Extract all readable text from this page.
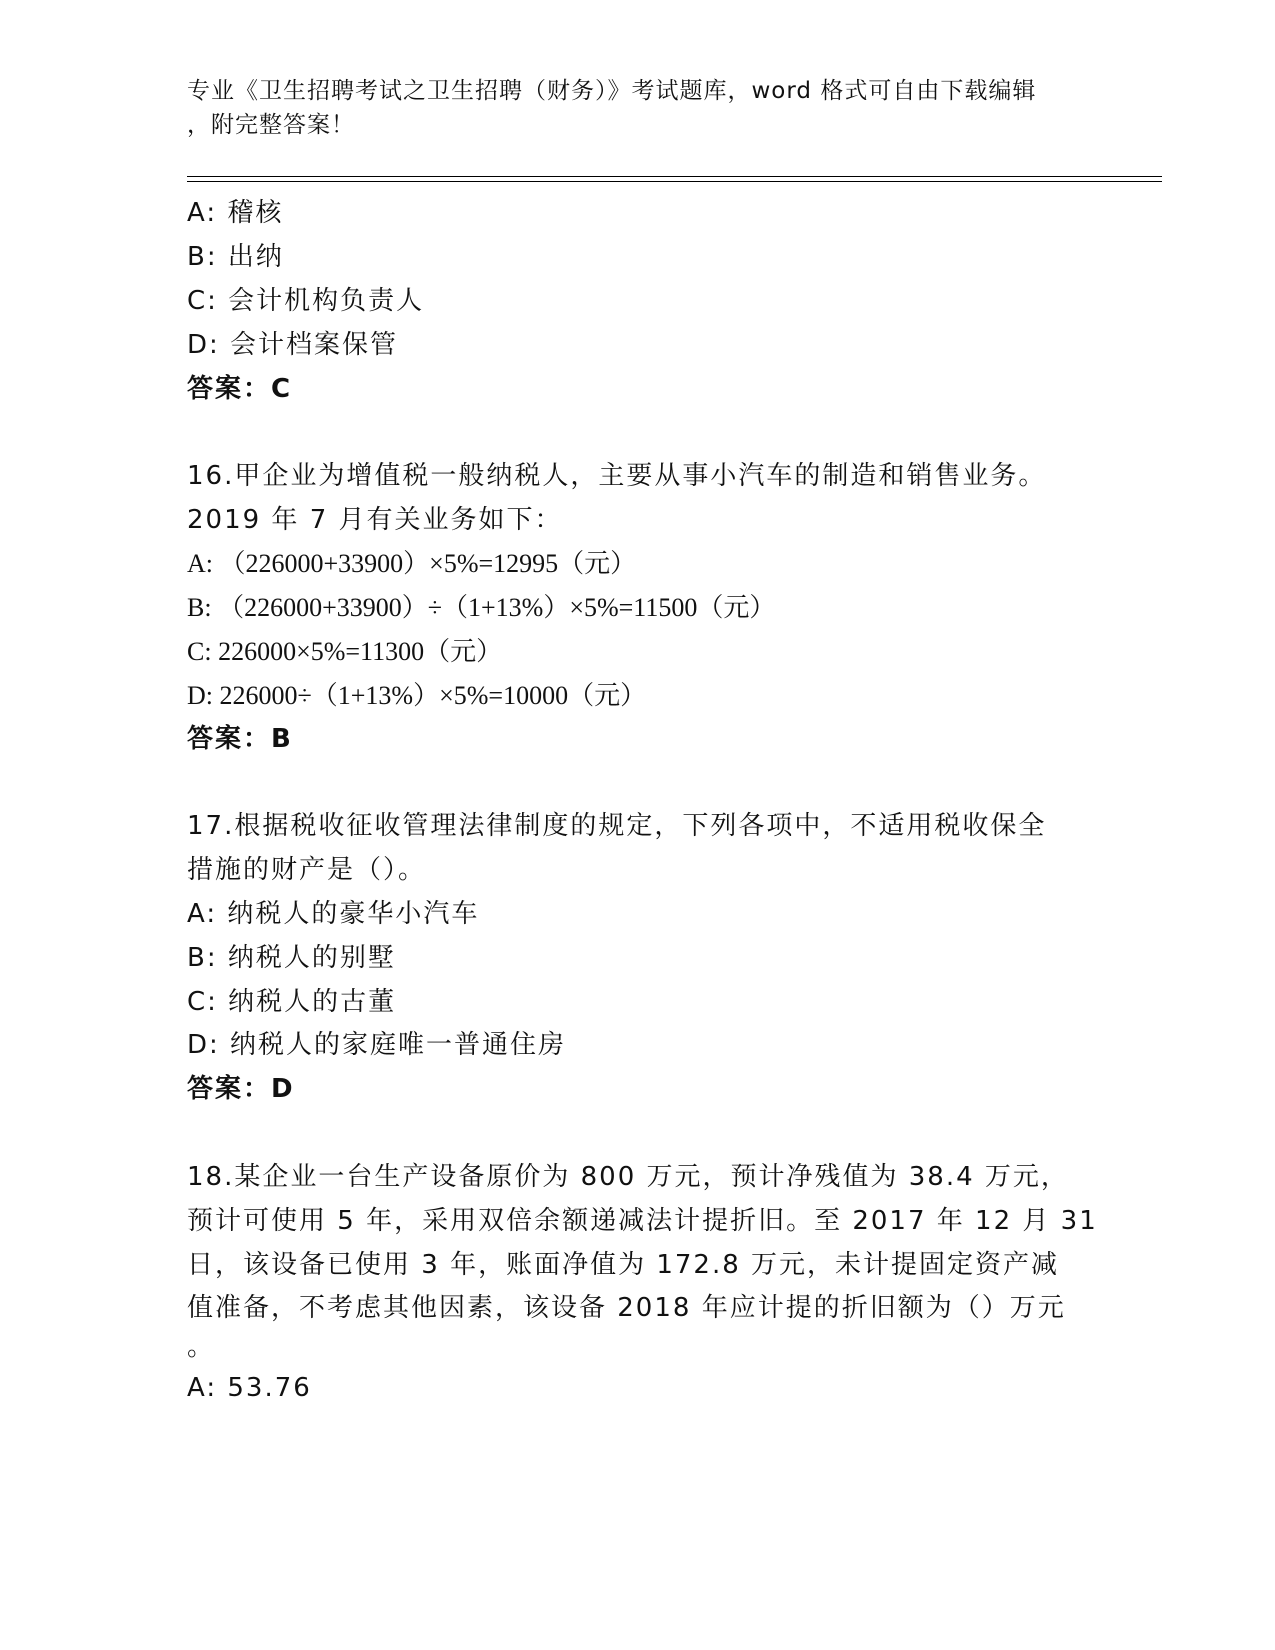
专业《卫生招聘考试之卫生招聘（财务）》考试题库，word 格式可自由下载编辑
，附完整答案！
A: 稽核
B: 出纳
C: 会计机构负责人
D: 会计档案保管
答案：C
16.甲企业为增值税一般纳税人，主要从事小汽车的制造和销售业务。
2019 年 7 月有关业务如下：
A: （226000+33900）×5%=12995（元）
B: （226000+33900）÷（1+13%）×5%=11500（元）
C: 226000×5%=11300（元）
D: 226000÷（1+13%）×5%=10000（元）
答案：B
17.根据税收征收管理法律制度的规定，下列各项中，不适用税收保全
措施的财产是（）。
A: 纳税人的豪华小汽车
B: 纳税人的别墅
C: 纳税人的古董
D: 纳税人的家庭唯一普通住房
答案：D
18.某企业一台生产设备原价为 800 万元，预计净残值为 38.4 万元，
预计可使用 5 年，采用双倍余额递减法计提折旧。至 2017 年 12 月 31
日，该设备已使用 3 年，账面净值为 172.8 万元，未计提固定资产减
值准备，不考虑其他因素，该设备 2018 年应计提的折旧额为（）万元
。
A: 53.76
